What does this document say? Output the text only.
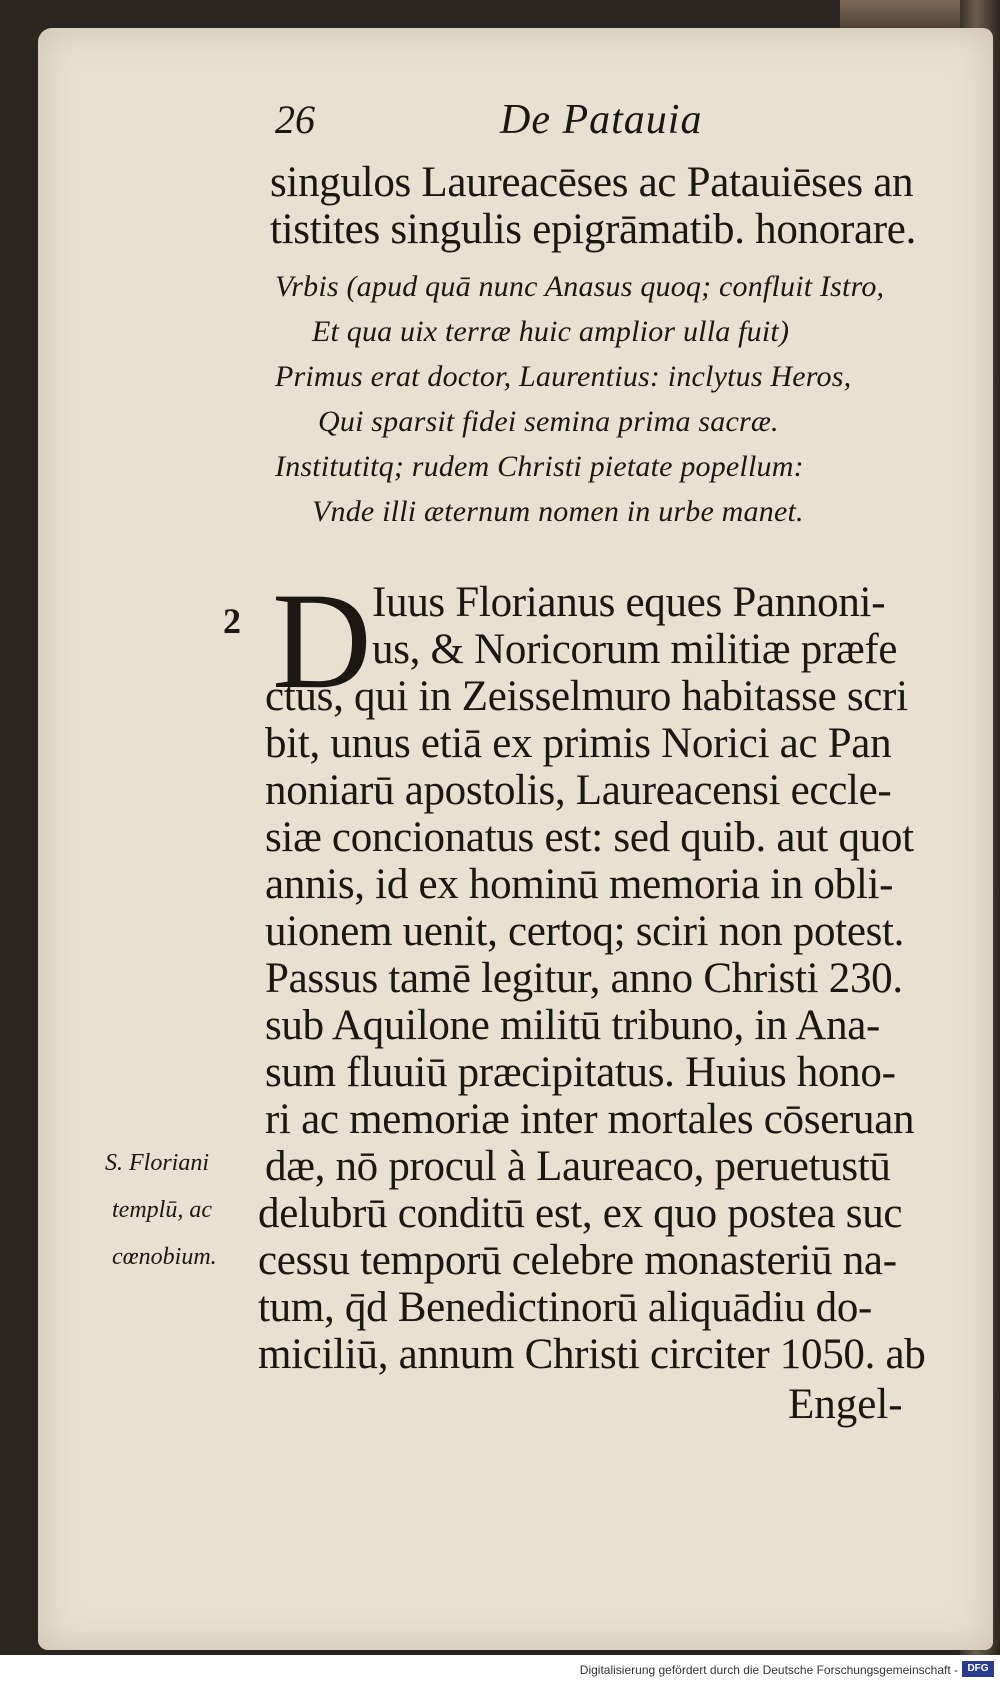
26	De Patauia
singulos Laureacēses ac Patauiēses an
tistites singulis epigrāmatib. honorare.
Vrbis (apud quā nunc Anasus quoq; confluit Istro,
Et qua uix terræ huic amplior ulla fuit)
Primus erat doctor, Laurentius: inclytus Heros,
Qui sparsit fidei semina prima sacræ.
Institutitq; rudem Christi pietate popellum:
Vnde illi æternum nomen in urbe manet.
2 D Iuus Florianus eques Pannoni-
us, & Noricorum militiæ præfe
ctus, qui in Zeisselmuro habitasse scri
bit, unus etiā ex primis Norici ac Pan
noniarū apostolis, Laureacensi eccle-
siæ concionatus est: sed quib. aut quot
annis, id ex hominū memoria in obli-
uionem uenit, certoq; sciri non potest.
Passus tamē legitur, anno Christi 230.
sub Aquilone militū tribuno, in Ana-
sum fluuiū præcipitatus. Huius hono-
ri ac memoriæ inter mortales cōseruan
dæ, nō procul à Laureaco, peruetustū
delubrū conditū est, ex quo postea suc
cessu temporū celebre monasteriū na-
tum, q̄d Benedictinorū aliquādiu do-
miciliū, annum Christi circiter 1050. ab
Engel-
S. Floriani
templū, ac
cœnobium.
Digitalisierung gefördert durch die Deutsche Forschungsgemeinschaft - DFG
